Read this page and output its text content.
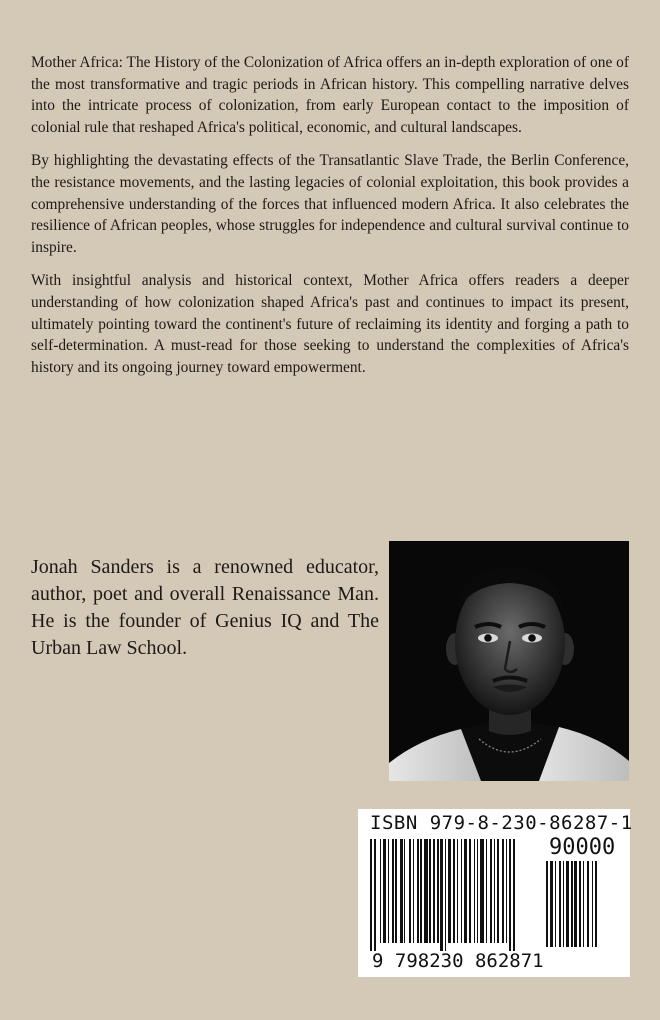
Mother Africa: The History of the Colonization of Africa offers an in-depth exploration of one of the most transformative and tragic periods in African history. This compelling narrative delves into the intricate process of colonization, from early European contact to the imposition of colonial rule that reshaped Africa's political, economic, and cultural landscapes.

By highlighting the devastating effects of the Transatlantic Slave Trade, the Berlin Conference, the resistance movements, and the lasting legacies of colonial exploitation, this book provides a comprehensive understanding of the forces that influenced modern Africa. It also celebrates the resilience of African peoples, whose struggles for independence and cultural survival continue to inspire.

With insightful analysis and historical context, Mother Africa offers readers a deeper understanding of how colonization shaped Africa's past and continues to impact its present, ultimately pointing toward the continent's future of reclaiming its identity and forging a path to self-determination. A must-read for those seeking to understand the complexities of Africa's history and its ongoing journey toward empowerment.

Jonah Sanders is a renowned educator, author, poet and overall Renaissance Man. He is the founder of Genius IQ and The Urban Law School.

ISBN 979-8-230-86287-1
90000
9 798230 862871
